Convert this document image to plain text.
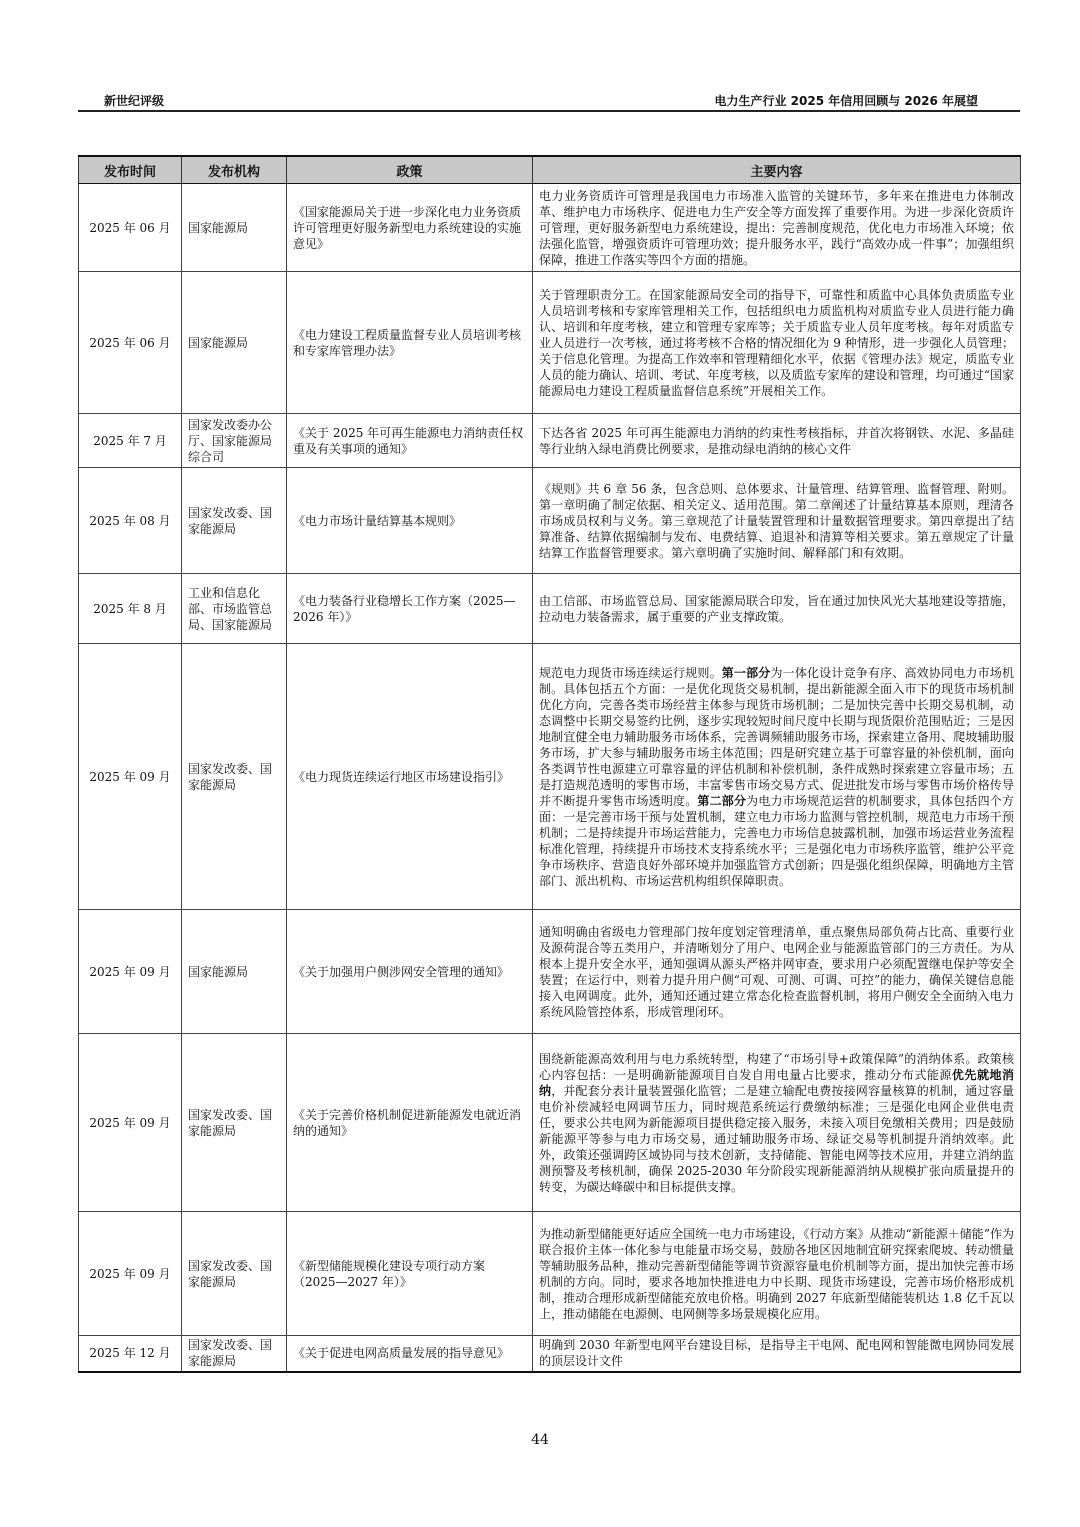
新世纪评级	电力生产行业 2025 年信用回顾与 2026 年展望
发布时间	发布机构	政策	主要内容
2025 年 06 月	国家能源局	《国家能源局关于进一步深化电力业务资质许可管理更好服务新型电力系统建设的实施意见》	电力业务资质许可管理是我国电力市场准入监管的关键环节，多年来在推进电力体制改革、维护电力市场秩序、促进电力生产安全等方面发挥了重要作用。为进一步深化资质许可管理，更好服务新型电力系统建设，提出：完善制度规范，优化电力市场准入环境；依法强化监管，增强资质许可管理功效；提升服务水平，践行“高效办成一件事”；加强组织保障，推进工作落实等四个方面的措施。
2025 年 06 月	国家能源局	《电力建设工程质量监督专业人员培训考核和专家库管理办法》	关于管理职责分工。在国家能源局安全司的指导下，可靠性和质监中心具体负责质监专业人员培训考核和专家库管理相关工作，包括组织电力质监机构对质监专业人员进行能力确认、培训和年度考核，建立和管理专家库等；关于质监专业人员年度考核。每年对质监专业人员进行一次考核，通过将考核不合格的情况细化为 9 种情形，进一步强化人员管理；关于信息化管理。为提高工作效率和管理精细化水平，依据《管理办法》规定，质监专业人员的能力确认、培训、考试、年度考核，以及质监专家库的建设和管理，均可通过“国家能源局电力建设工程质量监督信息系统”开展相关工作。
2025 年 7 月	国家发改委办公厅、国家能源局综合司	《关于 2025 年可再生能源电力消纳责任权重及有关事项的通知》	下达各省 2025 年可再生能源电力消纳的约束性考核指标，并首次将钢铁、水泥、多晶硅等行业纳入绿电消费比例要求，是推动绿电消纳的核心文件
2025 年 08 月	国家发改委、国家能源局	《电力市场计量结算基本规则》	《规则》共 6 章 56 条，包含总则、总体要求、计量管理、结算管理、监督管理、附则。第一章明确了制定依据、相关定义、适用范围。第二章阐述了计量结算基本原则，理清各市场成员权利与义务。第三章规范了计量装置管理和计量数据管理要求。第四章提出了结算准备、结算依据编制与发布、电费结算、追退补和清算等相关要求。第五章规定了计量结算工作监督管理要求。第六章明确了实施时间、解释部门和有效期。
2025 年 8 月	工业和信息化部、市场监管总局、国家能源局	《电力装备行业稳增长工作方案（2025—2026 年）》	由工信部、市场监管总局、国家能源局联合印发，旨在通过加快风光大基地建设等措施，拉动电力装备需求，属于重要的产业支撑政策。
2025 年 09 月	国家发改委、国家能源局	《电力现货连续运行地区市场建设指引》	规范电力现货市场连续运行规则。第一部分为一体化设计竞争有序、高效协同电力市场机制。具体包括五个方面：一是优化现货交易机制，提出新能源全面入市下的现货市场机制优化方向，完善各类市场经营主体参与现货市场机制；二是加快完善中长期交易机制，动态调整中长期交易签约比例，逐步实现较短时间尺度中长期与现货限价范围贴近；三是因地制宜健全电力辅助服务市场体系，完善调频辅助服务市场，探索建立备用、爬坡辅助服务市场，扩大参与辅助服务市场主体范围；四是研究建立基于可靠容量的补偿机制，面向各类调节性电源建立可靠容量的评估机制和补偿机制，条件成熟时探索建立容量市场；五是打造规范透明的零售市场，丰富零售市场交易方式、促进批发市场与零售市场价格传导并不断提升零售市场透明度。第二部分为电力市场规范运营的机制要求，具体包括四个方面：一是完善市场干预与处置机制，建立电力市场力监测与管控机制，规范电力市场干预机制；二是持续提升市场运营能力，完善电力市场信息披露机制，加强市场运营业务流程标准化管理，持续提升市场技术支持系统水平；三是强化电力市场秩序监管，维护公平竞争市场秩序、营造良好外部环境并加强监管方式创新；四是强化组织保障，明确地方主管部门、派出机构、市场运营机构组织保障职责。
2025 年 09 月	国家能源局	《关于加强用户侧涉网安全管理的通知》	通知明确由省级电力管理部门按年度划定管理清单，重点聚焦局部负荷占比高、重要行业及源荷混合等五类用户，并清晰划分了用户、电网企业与能源监管部门的三方责任。为从根本上提升安全水平，通知强调从源头严格并网审查，要求用户必须配置继电保护等安全装置；在运行中，则着力提升用户侧“可观、可测、可调、可控”的能力，确保关键信息能接入电网调度。此外，通知还通过建立常态化检查监督机制，将用户侧安全全面纳入电力系统风险管控体系，形成管理闭环。
2025 年 09 月	国家发改委、国家能源局	《关于完善价格机制促进新能源发电就近消纳的通知》	围绕新能源高效利用与电力系统转型，构建了“市场引导+政策保障”的消纳体系。政策核心内容包括：一是明确新能源项目自发自用电量占比要求，推动分布式能源优先就地消纳，并配套分表计量装置强化监管；二是建立输配电费按接网容量核算的机制，通过容量电价补偿减轻电网调节压力，同时规范系统运行费缴纳标准；三是强化电网企业供电责任，要求公共电网为新能源项目提供稳定接入服务，未接入项目免缴相关费用；四是鼓励新能源平等参与电力市场交易，通过辅助服务市场、绿证交易等机制提升消纳效率。此外，政策还强调跨区域协同与技术创新，支持储能、智能电网等技术应用，并建立消纳监测预警及考核机制，确保 2025-2030 年分阶段实现新能源消纳从规模扩张向质量提升的转变，为碳达峰碳中和目标提供支撑。
2025 年 09 月	国家发改委、国家能源局	《新型储能规模化建设专项行动方案（2025—2027 年）》	为推动新型储能更好适应全国统一电力市场建设，《行动方案》从推动“新能源＋储能”作为联合报价主体一体化参与电能量市场交易，鼓励各地区因地制宜研究探索爬坡、转动惯量等辅助服务品种，推动完善新型储能等调节资源容量电价机制等方面，提出加快完善市场机制的方向。同时，要求各地加快推进电力中长期、现货市场建设，完善市场价格形成机制，推动合理形成新型储能充放电价格。明确到 2027 年底新型储能装机达 1.8 亿千瓦以上，推动储能在电源侧、电网侧等多场景规模化应用。
2025 年 12 月	国家发改委、国家能源局	《关于促进电网高质量发展的指导意见》	明确到 2030 年新型电网平台建设目标，是指导主干电网、配电网和智能微电网协同发展的顶层设计文件
44
